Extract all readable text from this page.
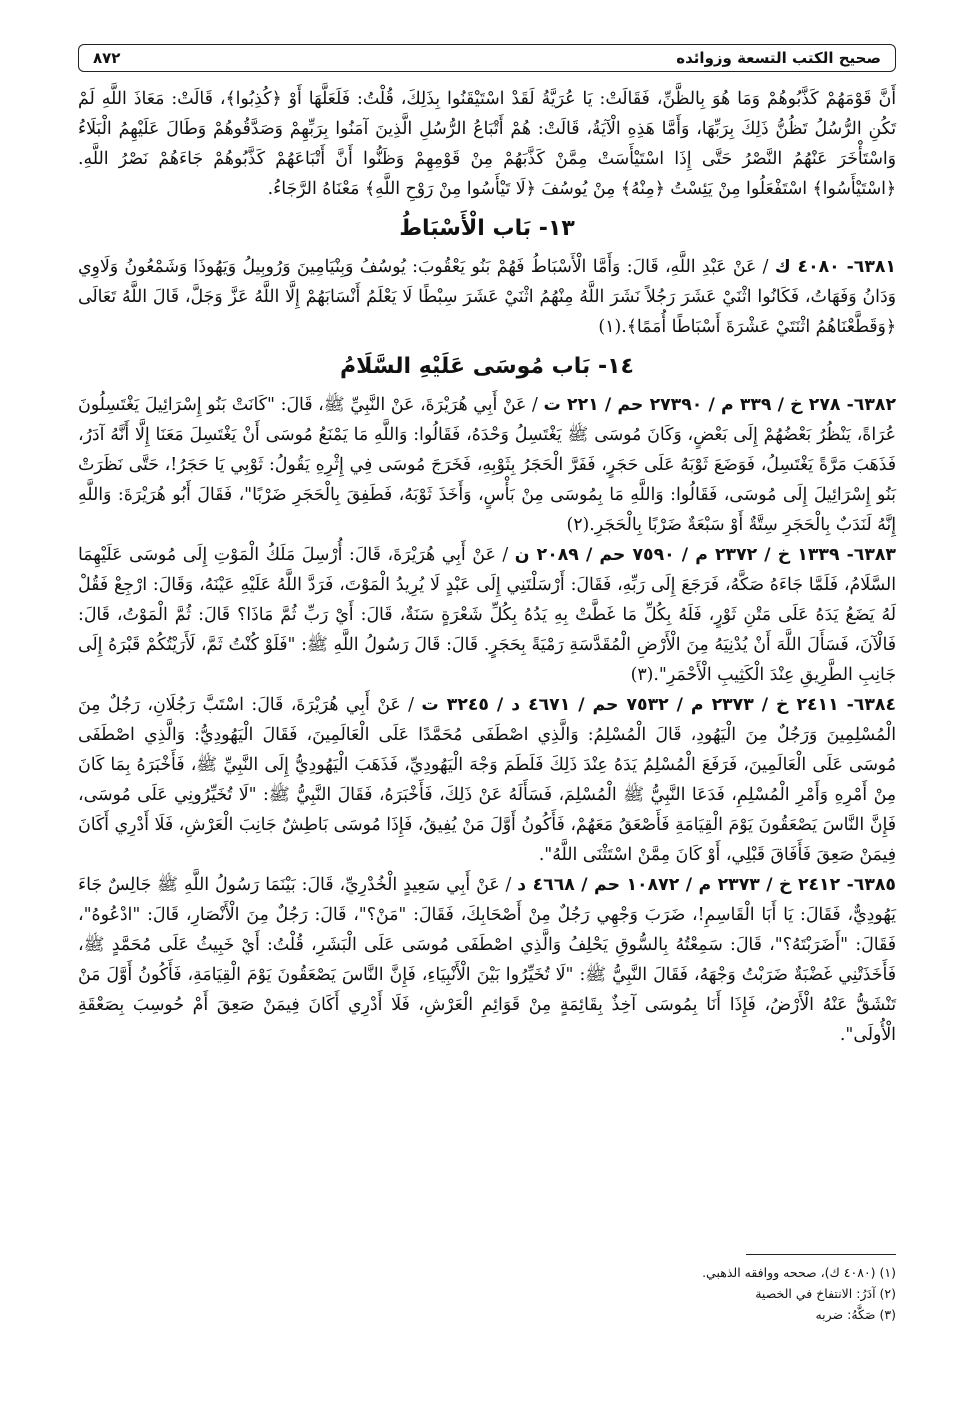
صحيح الكتب التسعة وزوائده
٨٧٢

أَنَّ قَوْمَهُمْ كَذَّبُوهُمْ وَمَا هُوَ بِالظَّنِّ، فَقَالَتْ: يَا عُرَيَّةُ لَقَدْ اسْتَيْقَنُوا بِذَلِكَ، قُلْتُ: فَلَعَلَّهَا أَوْ ﴿كُذِبُوا﴾، قَالَتْ: مَعَاذَ اللَّهِ لَمْ تَكُنِ الرُّسُلُ تَظُنُّ ذَلِكَ بِرَبِّهَا، وَأَمَّا هَذِهِ الْآيَةُ، قَالَتْ: هُمْ أَتْبَاعُ الرُّسُلِ الَّذِينَ آمَنُوا بِرَبِّهِمْ وَصَدَّقُوهُمْ وَطَالَ عَلَيْهِمُ الْبَلَاءُ وَاسْتَأْخَرَ عَنْهُمُ النَّصْرُ حَتَّى إِذَا اسْتَيْأَسَتْ مِمَّنْ كَذَّبَهُمْ مِنْ قَوْمِهِمْ وَظَنُّوا أَنَّ أَتْبَاعَهُمْ كَذَّبُوهُمْ جَاءَهُمْ نَصْرُ اللَّهِ. ﴿اسْتَيْأَسُوا﴾ اسْتَفْعَلُوا مِنْ يَئِسْتُ ﴿مِنْهُ﴾ مِنْ يُوسُفَ ﴿لَا تَيْأَسُوا مِنْ رَوْحِ اللَّهِ﴾ مَعْنَاهُ الرَّجَاءُ.

١٣- بَاب الْأَسْبَاطُ

٦٣٨١- ٤٠٨٠ ك / عَنْ عَبْدِ اللَّهِ، قَالَ: وَأَمَّا الْأَسْبَاطُ فَهُمْ بَنُو يَعْقُوبَ: يُوسُفُ وَبِنْيَامِينَ وَرُوبِيلُ وَيَهُوذَا وَشَمْعُونُ وَلَاوِي وَدَانُ وَفَهَاتُ، فَكَانُوا اثْنَيْ عَشَرَ رَجُلاً نَشَرَ اللَّهُ مِنْهُمُ اثْنَيْ عَشَرَ سِبْطًا لَا يَعْلَمُ أَنْسَابَهُمْ إِلَّا اللَّهُ عَزَّ وَجَلَّ، قَالَ اللَّهُ تَعَالَى ﴿وَقَطَّعْنَاهُمُ اثْنَتَيْ عَشْرَةَ أَسْبَاطًا أُمَمًا﴾.(١)

١٤- بَاب مُوسَى عَلَيْهِ السَّلَامُ

٦٣٨٢- ٢٧٨ خ / ٣٣٩ م / ٢٧٣٩٠ حم / ٢٢١ ت / عَنْ أَبِي هُرَيْرَةَ، عَنْ النَّبِيِّ ﷺ، قَالَ: "كَانَتْ بَنُو إِسْرَائِيلَ يَغْتَسِلُونَ عُرَاةً، يَنْظُرُ بَعْضُهُمْ إِلَى بَعْضٍ، وَكَانَ مُوسَى ﷺ يَغْتَسِلُ وَحْدَهُ، فَقَالُوا: وَاللَّهِ مَا يَمْنَعُ مُوسَى أَنْ يَغْتَسِلَ مَعَنَا إِلَّا أَنَّهُ آدَرُ، فَذَهَبَ مَرَّةً يَغْتَسِلُ، فَوَضَعَ ثَوْبَهُ عَلَى حَجَرٍ، فَفَرَّ الْحَجَرُ بِثَوْبِهِ، فَخَرَجَ مُوسَى فِي إِثْرِهِ يَقُولُ: ثَوْبِي يَا حَجَرُ!، حَتَّى نَظَرَتْ بَنُو إِسْرَائِيلَ إِلَى مُوسَى، فَقَالُوا: وَاللَّهِ مَا بِمُوسَى مِنْ بَأْسٍ، وَأَخَذَ ثَوْبَهُ، فَطَفِقَ بِالْحَجَرِ ضَرْبًا"، فَقَالَ أَبُو هُرَيْرَةَ: وَاللَّهِ إِنَّهُ لَنَدَبٌ بِالْحَجَرِ سِتَّةٌ أَوْ سَبْعَةٌ ضَرْبًا بِالْحَجَرِ.(٢)

٦٣٨٣- ١٣٣٩ خ / ٢٣٧٢ م / ٧٥٩٠ حم / ٢٠٨٩ ن / عَنْ أَبِي هُرَيْرَةَ، قَالَ: أُرْسِلَ مَلَكُ الْمَوْتِ إِلَى مُوسَى عَلَيْهِمَا السَّلَامُ، فَلَمَّا جَاءَهُ صَكَّهُ، فَرَجَعَ إِلَى رَبِّهِ، فَقَالَ: أَرْسَلْتَنِي إِلَى عَبْدٍ لَا يُرِيدُ الْمَوْتَ، فَرَدَّ اللَّهُ عَلَيْهِ عَيْنَهُ، وَقَالَ: ارْجِعْ فَقُلْ لَهُ يَضَعُ يَدَهُ عَلَى مَتْنِ ثَوْرٍ، فَلَهُ بِكُلِّ مَا غَطَّتْ بِهِ يَدُهُ بِكُلِّ شَعْرَةٍ سَنَةٌ، قَالَ: أَيْ رَبِّ ثُمَّ مَاذَا؟ قَالَ: ثُمَّ الْمَوْتُ، قَالَ: فَالْآنَ، فَسَأَلَ اللَّهَ أَنْ يُدْنِيَهُ مِنَ الْأَرْضِ الْمُقَدَّسَةِ رَمْيَةً بِحَجَرٍ. قَالَ: قَالَ رَسُولُ اللَّهِ ﷺ: "فَلَوْ كُنْتُ ثَمَّ، لَأَرَيْتُكُمْ قَبْرَهُ إِلَى جَانِبِ الطَّرِيقِ عِنْدَ الْكَثِيبِ الْأَحْمَرِ".(٣)

٦٣٨٤- ٢٤١١ خ / ٢٣٧٣ م / ٧٥٣٢ حم / ٤٦٧١ د / ٣٢٤٥ ت / عَنْ أَبِي هُرَيْرَةَ، قَالَ: اسْتَبَّ رَجُلَانِ، رَجُلٌ مِنَ الْمُسْلِمِينَ وَرَجُلٌ مِنَ الْيَهُودِ، قَالَ الْمُسْلِمُ: وَالَّذِي اصْطَفَى مُحَمَّدًا عَلَى الْعَالَمِينَ، فَقَالَ الْيَهُودِيُّ: وَالَّذِي اصْطَفَى مُوسَى عَلَى الْعَالَمِينَ، فَرَفَعَ الْمُسْلِمُ يَدَهُ عِنْدَ ذَلِكَ فَلَطَمَ وَجْهَ الْيَهُودِيِّ، فَذَهَبَ الْيَهُودِيُّ إِلَى النَّبِيِّ ﷺ، فَأَخْبَرَهُ بِمَا كَانَ مِنْ أَمْرِهِ وَأَمْرِ الْمُسْلِمِ، فَدَعَا النَّبِيُّ ﷺ الْمُسْلِمَ، فَسَأَلَهُ عَنْ ذَلِكَ، فَأَخْبَرَهُ، فَقَالَ النَّبِيُّ ﷺ: "لَا تُخَيِّرُونِي عَلَى مُوسَى، فَإِنَّ النَّاسَ يَصْعَقُونَ يَوْمَ الْقِيَامَةِ فَأَصْعَقُ مَعَهُمْ، فَأَكُونُ أَوَّلَ مَنْ يُفِيقُ، فَإِذَا مُوسَى بَاطِشٌ جَانِبَ الْعَرْشِ، فَلَا أَدْرِي أَكَانَ فِيمَنْ صَعِقَ فَأَفَاقَ قَبْلِي، أَوْ كَانَ مِمَّنْ اسْتَثْنَى اللَّهُ".

٦٣٨٥- ٢٤١٢ خ / ٢٣٧٣ م / ١٠٨٧٢ حم / ٤٦٦٨ د / عَنْ أَبِي سَعِيدٍ الْخُدْرِيِّ، قَالَ: بَيْنَمَا رَسُولُ اللَّهِ ﷺ جَالِسٌ جَاءَ يَهُودِيٌّ، فَقَالَ: يَا أَبَا الْقَاسِمِ!، ضَرَبَ وَجْهِي رَجُلٌ مِنْ أَصْحَابِكَ، فَقَالَ: "مَنْ؟"، قَالَ: رَجُلٌ مِنَ الْأَنْصَارِ، قَالَ: "ادْعُوهُ"، فَقَالَ: "أَضَرَبْتَهُ؟"، قَالَ: سَمِعْتُهُ بِالسُّوقِ يَحْلِفُ وَالَّذِي اصْطَفَى مُوسَى عَلَى الْبَشَرِ، قُلْتُ: أَيْ خَبِيثُ عَلَى مُحَمَّدٍ ﷺ، فَأَخَذَتْنِي غَضْبَةٌ ضَرَبْتُ وَجْهَهُ، فَقَالَ النَّبِيُّ ﷺ: "لَا تُخَيِّرُوا بَيْنَ الْأَنْبِيَاءِ، فَإِنَّ النَّاسَ يَصْعَقُونَ يَوْمَ الْقِيَامَةِ، فَأَكُونُ أَوَّلَ مَنْ تَنْشَقُّ عَنْهُ الْأَرْضُ، فَإِذَا أَنَا بِمُوسَى آخِذٌ بِقَائِمَةٍ مِنْ قَوَائِمِ الْعَرْشِ، فَلَا أَدْرِي أَكَانَ فِيمَنْ صَعِقَ أَمْ حُوسِبَ بِصَعْقَةِ الْأُولَى".

(١) (٤٠٨٠ ك)، صححه ووافقه الذهبي.
(٢) آدَرُ: الانتفاخ في الخصية
(٣) صَكَّهُ: ضربه
